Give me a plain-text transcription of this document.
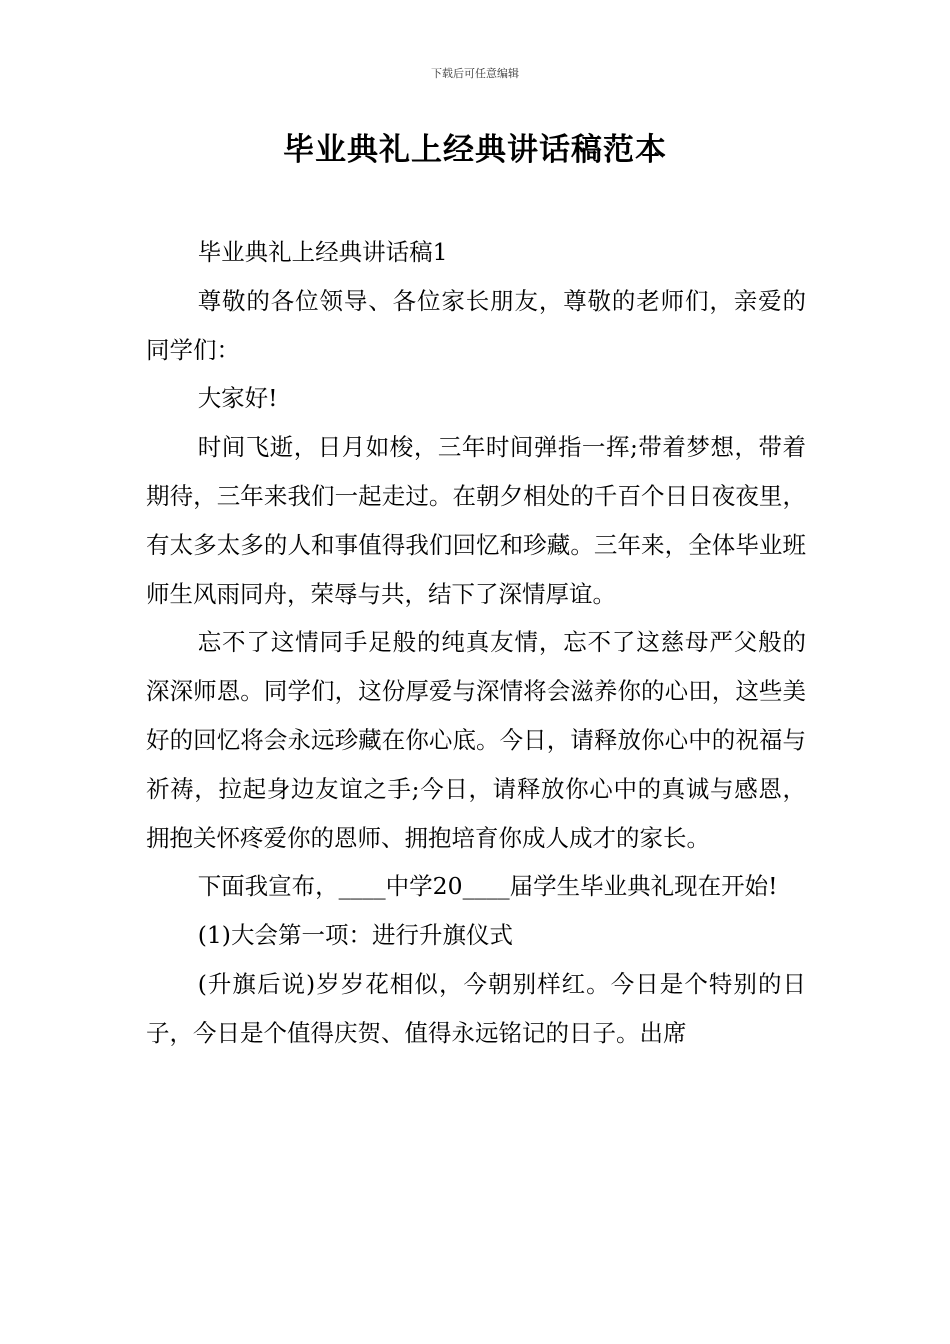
下载后可任意编辑
毕业典礼上经典讲话稿范本

毕业典礼上经典讲话稿1

尊敬的各位领导、各位家长朋友，尊敬的老师们，亲爱的同学们：

大家好!

时间飞逝，日月如梭，三年时间弹指一挥;带着梦想，带着期待，三年来我们一起走过。在朝夕相处的千百个日日夜夜里，有太多太多的人和事值得我们回忆和珍藏。三年来，全体毕业班师生风雨同舟，荣辱与共，结下了深情厚谊。

忘不了这情同手足般的纯真友情，忘不了这慈母严父般的深深师恩。同学们，这份厚爱与深情将会滋养你的心田，这些美好的回忆将会永远珍藏在你心底。今日，请释放你心中的祝福与祈祷，拉起身边友谊之手;今日，请释放你心中的真诚与感恩，拥抱关怀疼爱你的恩师、拥抱培育你成人成才的家长。

下面我宣布，____中学20____届学生毕业典礼现在开始!

(1)大会第一项：进行升旗仪式

(升旗后说)岁岁花相似，今朝别样红。今日是个特别的日子，今日是个值得庆贺、值得永远铭记的日子。出席
